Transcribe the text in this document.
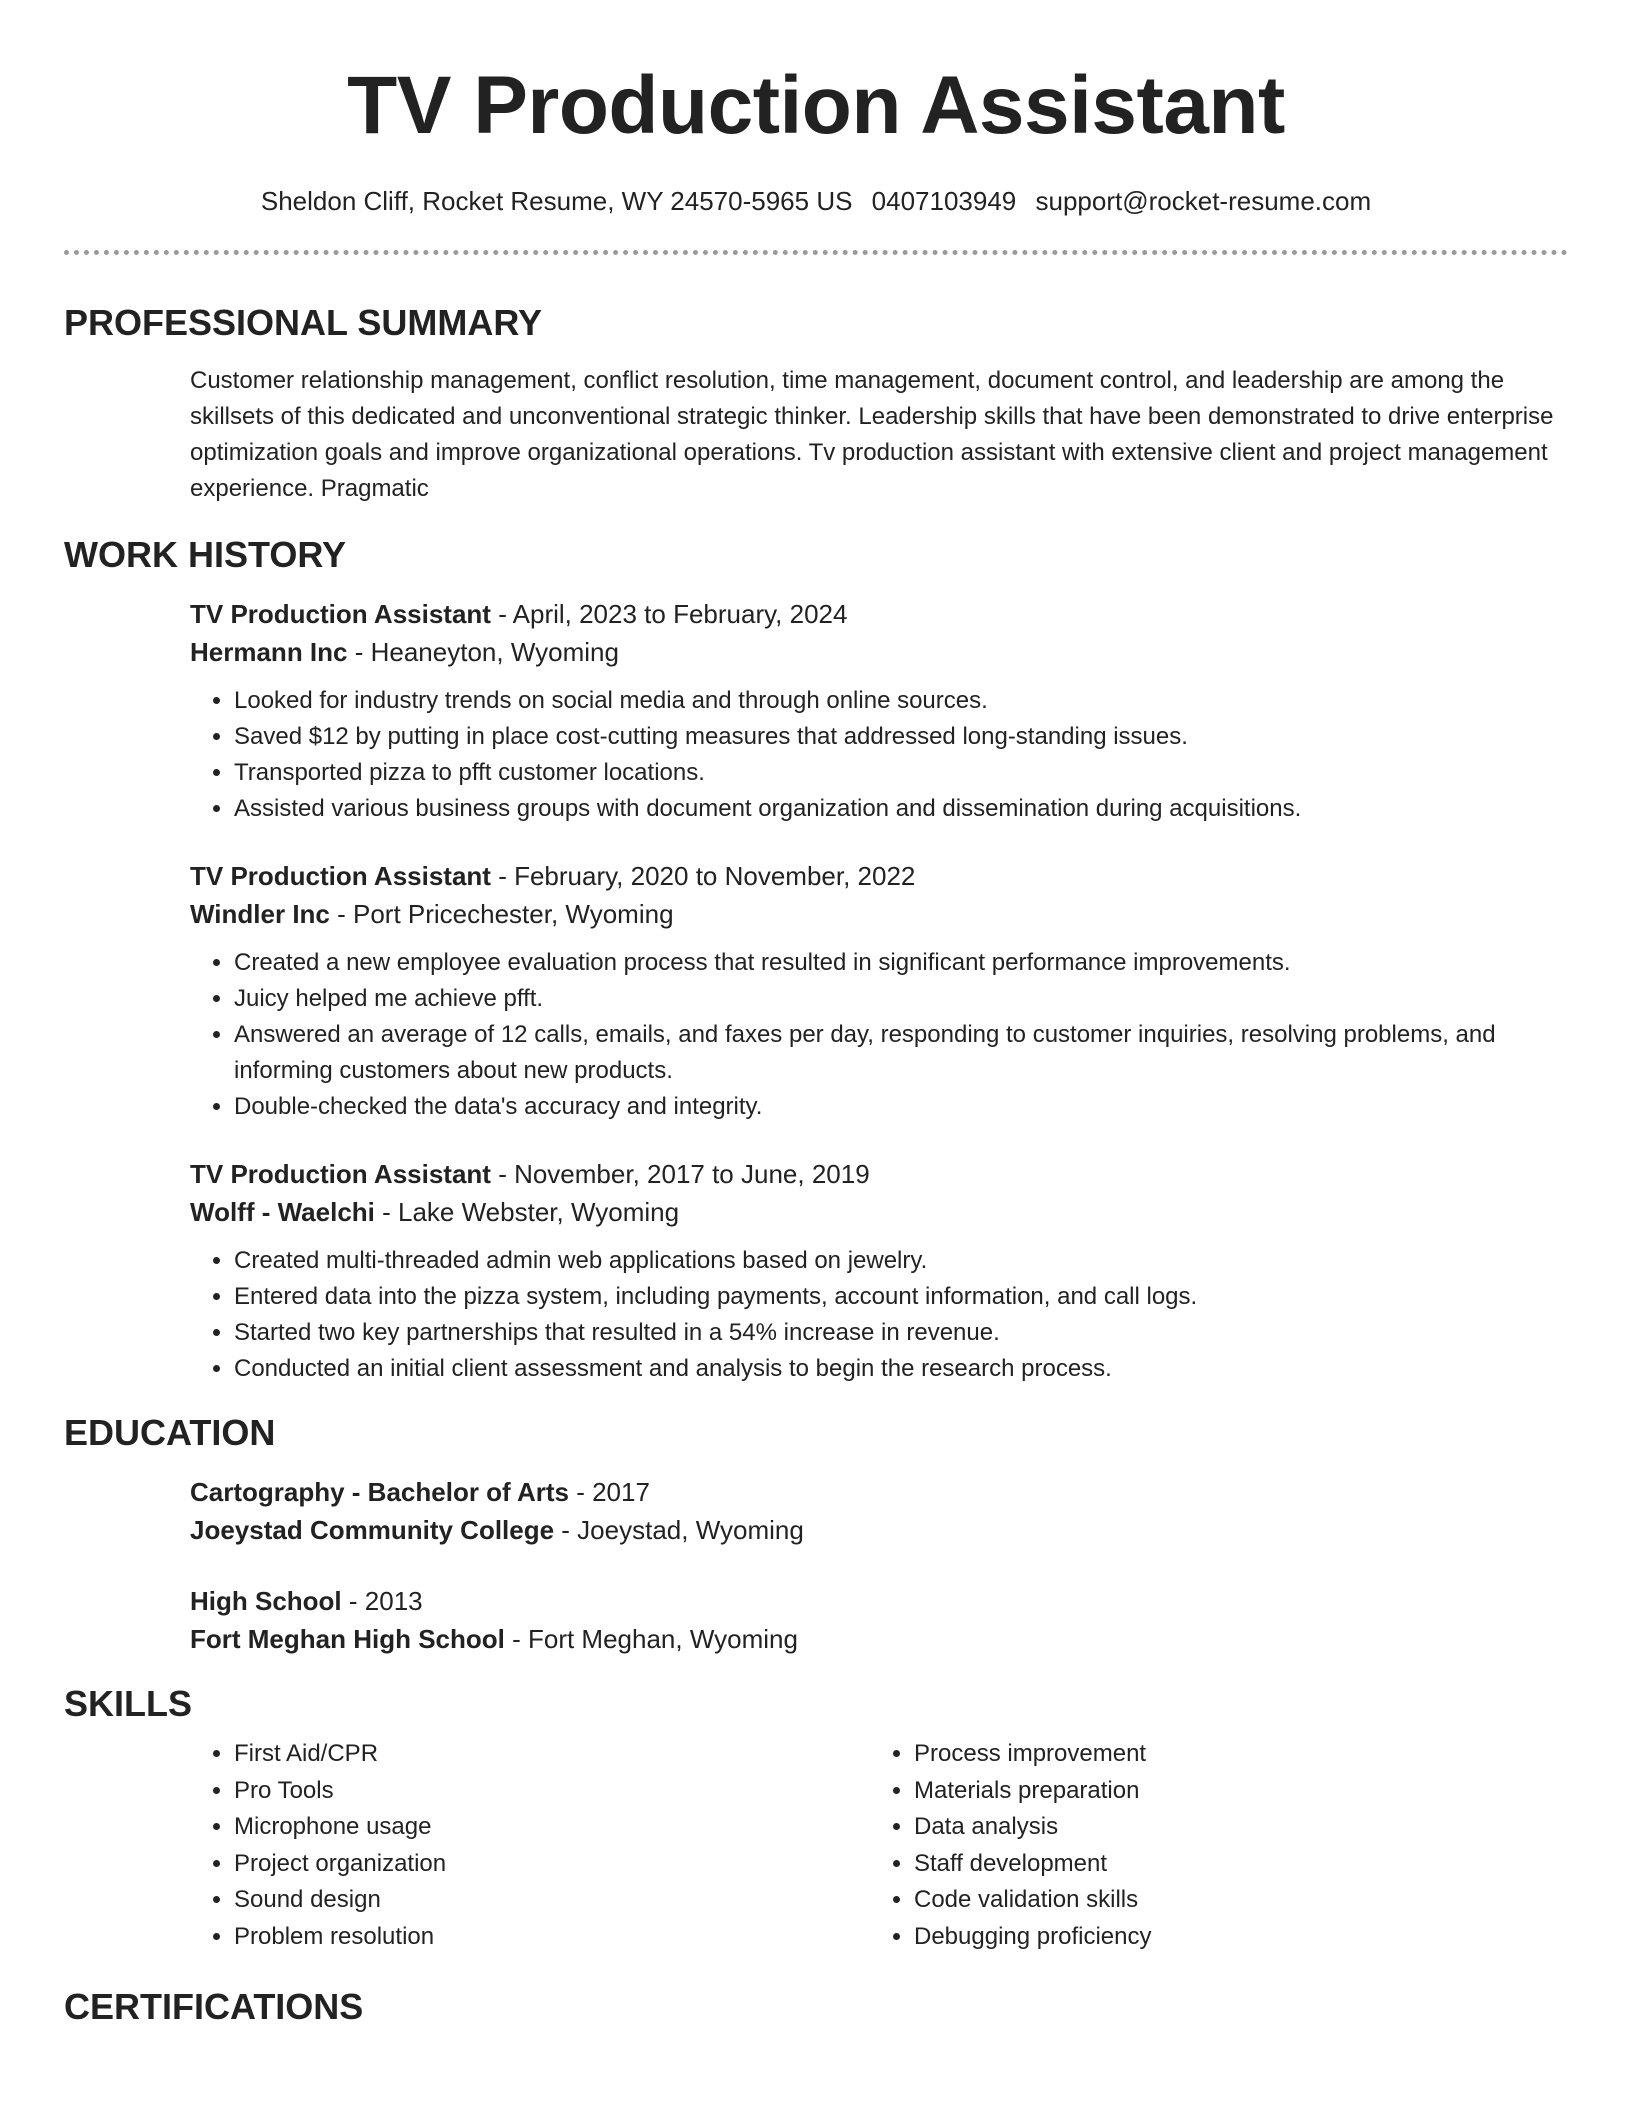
TV Production Assistant
Sheldon Cliff, Rocket Resume, WY 24570-5965 US 0407103949 support@rocket-resume.com
PROFESSIONAL SUMMARY
Customer relationship management, conflict resolution, time management, document control, and leadership are among the skillsets of this dedicated and unconventional strategic thinker. Leadership skills that have been demonstrated to drive enterprise optimization goals and improve organizational operations. Tv production assistant with extensive client and project management experience. Pragmatic
WORK HISTORY
TV Production Assistant - April, 2023 to February, 2024
Hermann Inc - Heaneyton, Wyoming
• Looked for industry trends on social media and through online sources.
• Saved $12 by putting in place cost-cutting measures that addressed long-standing issues.
• Transported pizza to pfft customer locations.
• Assisted various business groups with document organization and dissemination during acquisitions.
TV Production Assistant - February, 2020 to November, 2022
Windler Inc - Port Pricechester, Wyoming
• Created a new employee evaluation process that resulted in significant performance improvements.
• Juicy helped me achieve pfft.
• Answered an average of 12 calls, emails, and faxes per day, responding to customer inquiries, resolving problems, and informing customers about new products.
• Double-checked the data's accuracy and integrity.
TV Production Assistant - November, 2017 to June, 2019
Wolff - Waelchi - Lake Webster, Wyoming
• Created multi-threaded admin web applications based on jewelry.
• Entered data into the pizza system, including payments, account information, and call logs.
• Started two key partnerships that resulted in a 54% increase in revenue.
• Conducted an initial client assessment and analysis to begin the research process.
EDUCATION
Cartography - Bachelor of Arts - 2017
Joeystad Community College - Joeystad, Wyoming
High School - 2013
Fort Meghan High School - Fort Meghan, Wyoming
SKILLS
• First Aid/CPR
• Pro Tools
• Microphone usage
• Project organization
• Sound design
• Problem resolution
• Process improvement
• Materials preparation
• Data analysis
• Staff development
• Code validation skills
• Debugging proficiency
CERTIFICATIONS
